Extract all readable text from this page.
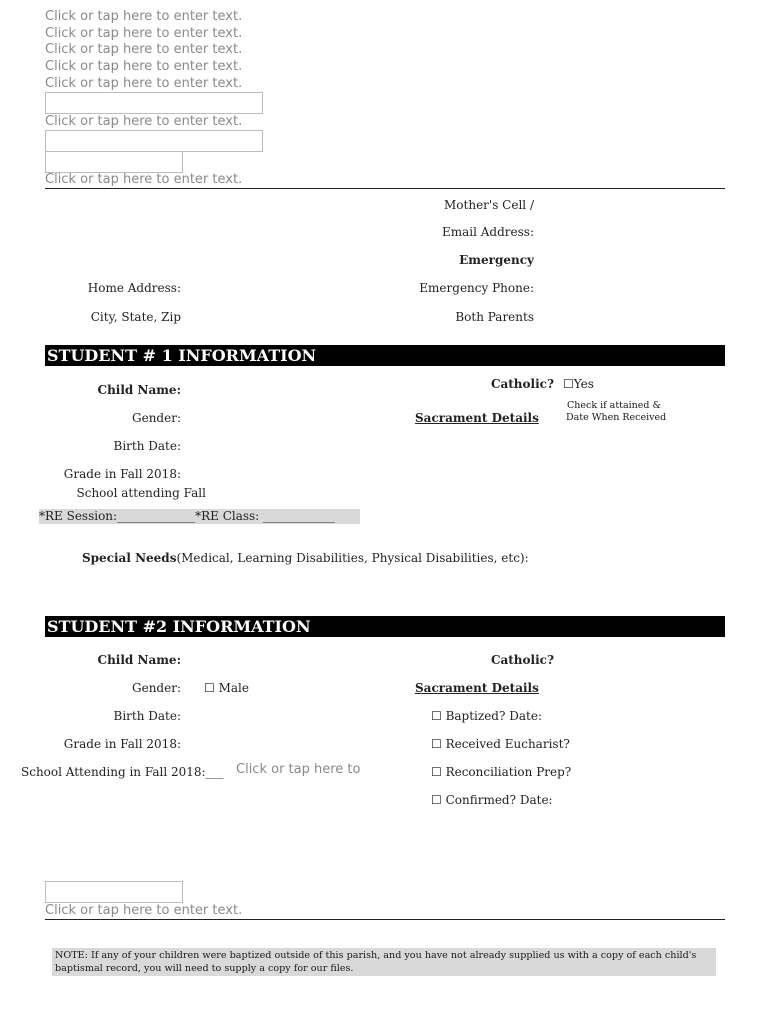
Click or tap here to enter text.
Click or tap here to enter text.
Click or tap here to enter text.
Click or tap here to enter text.
Click or tap here to enter text.
Click or tap here to enter text.
Click or tap here to enter text.
Mother's Cell /
Email Address:
Emergency
Home Address:	Emergency Phone:
City, State, Zip	Both Parents
STUDENT # 1 INFORMATION
Child Name:	Catholic? ☐Yes
Gender:	Sacrament Details
Check if attained &
Date When Received
Birth Date:
Grade in Fall 2018:
School attending Fall
*RE Session:_____________*RE Class: ____________
Special Needs(Medical, Learning Disabilities, Physical Disabilities, etc):
STUDENT #2 INFORMATION
Child Name:	Catholic?
Gender: ☐ Male	Sacrament Details
Birth Date:	☐ Baptized? Date:
Grade in Fall 2018:	☐ Received Eucharist?
School Attending in Fall 2018:___ Click or tap here to	☐ Reconciliation Prep?
☐ Confirmed? Date:
Click or tap here to enter text.
NOTE: If any of your children were baptized outside of this parish, and you have not already supplied us with a copy of each child's baptismal record, you will need to supply a copy for our files.
